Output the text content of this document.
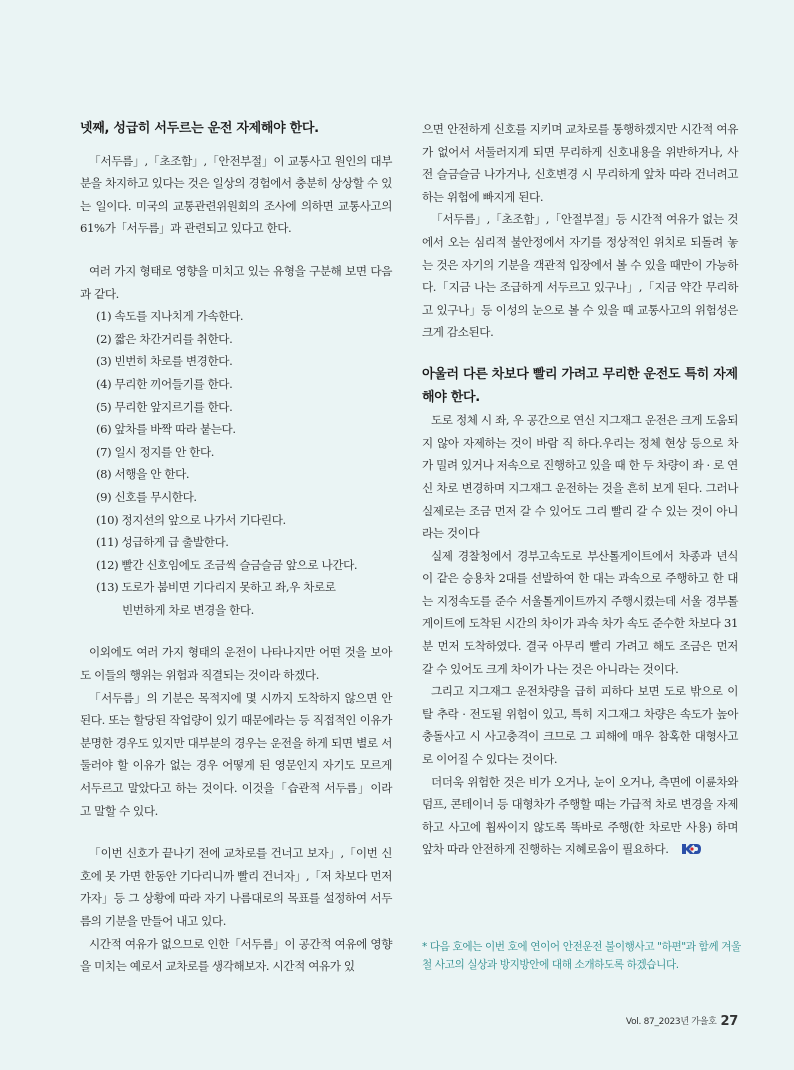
넷째, 성급히 서두르는 운전 자제해야 한다.

「서두름」,「초조함」,「안전부절」이 교통사고 원인의 대부분을 차지하고 있다는 것은 일상의 경험에서 충분히 상상할 수 있는 일이다. 미국의 교통관련위원회의 조사에 의하면 교통사고의 61%가「서두름」과 관련되고 있다고 한다.

여러 가지 형태로 영향을 미치고 있는 유형을 구분해 보면 다음과 같다.

(1) 속도를 지나치게 가속한다.
(2) 짧은 차간거리를 취한다.
(3) 빈번히 차로를 변경한다.
(4) 무리한 끼어들기를 한다.
(5) 무리한 앞지르기를 한다.
(6) 앞차를 바짝 따라 붙는다.
(7) 일시 정지를 안 한다.
(8) 서행을 안 한다.
(9) 신호를 무시한다.
(10) 정지선의 앞으로 나가서 기다린다.
(11) 성급하게 급 출발한다.
(12) 빨간 신호임에도 조금씩 슬금슬금 앞으로 나간다.
(13) 도로가 붐비면 기다리지 못하고 좌,우 차로로
빈번하게 차로 변경을 한다.

이외에도 여러 가지 형태의 운전이 나타나지만 어떤 것을 보아도 이들의 행위는 위험과 직결되는 것이라 하겠다.

「서두름」의 기분은 목적지에 몇 시까지 도착하지 않으면 안 된다. 또는 할당된 작업량이 있기 때문에라는 등 직접적인 이유가 분명한 경우도 있지만 대부분의 경우는 운전을 하게 되면 별로 서둘러야 할 이유가 없는 경우 어떻게 된 영문인지 자기도 모르게 서두르고 말았다고 하는 것이다. 이것을「습관적 서두름」이라고 말할 수 있다.

「이번 신호가 끝나기 전에 교차로를 건너고 보자」,「이번 신호에 못 가면 한동안 기다리니까 빨리 건너자」,「저 차보다 먼저 가자」등 그 상황에 따라 자기 나름대로의 목표를 설정하여 서두름의 기분을 만들어 내고 있다.

시간적 여유가 없으므로 인한「서두름」이 공간적 여유에 영향을 미치는 예로서 교차로를 생각해보자. 시간적 여유가 있

으면 안전하게 신호를 지키며 교차로를 통행하겠지만 시간적 여유가 없어서 서둘러지게 되면 무리하게 신호내용을 위반하거나, 사전 슬금슬금 나가거나, 신호변경 시 무리하게 앞차 따라 건너려고 하는 위험에 빠지게 된다.

「서두름」,「초조함」,「안절부절」등 시간적 여유가 없는 것에서 오는 심리적 불안정에서 자기를 정상적인 위치로 되돌려 놓는 것은 자기의 기분을 객관적 입장에서 볼 수 있을 때만이 가능하다.「지금 나는 조급하게 서두르고 있구나」,「지금 약간 무리하고 있구나」등 이성의 눈으로 볼 수 있을 때 교통사고의 위험성은 크게 감소된다.

아울러 다른 차보다 빨리 가려고 무리한 운전도 특히 자제 해야 한다.

도로 정체 시 좌, 우 공간으로 연신 지그재그 운전은 크게 도움되지 않아 자제하는 것이 바람 직 하다.우리는 정체 현상 등으로 차가 밀려 있거나 저속으로 진행하고 있을 때 한 두 차량이 좌 · 로 연신 차로 변경하며 지그재그 운전하는 것을 흔히 보게 된다. 그러나 실제로는 조금 먼저 갈 수 있어도 그리 빨리 갈 수 있는 것이 아니라는 것이다

실제 경찰청에서 경부고속도로 부산톨게이트에서 차종과 년식이 같은 승용차 2대를 선발하여 한 대는 과속으로 주행하고 한 대는 지정속도를 준수 서울톨게이트까지 주행시켰는데 서울 경부톨게이트에 도착된 시간의 차이가 과속 차가 속도 준수한 차보다 31분 먼저 도착하였다. 결국 아무리 빨리 가려고 해도 조금은 먼저 갈 수 있어도 크게 차이가 나는 것은 아니라는 것이다.

그리고 지그재그 운전차량을 급히 피하다 보면 도로 밖으로 이탈 추락 · 전도될 위험이 있고, 특히 지그재그 차량은 속도가 높아 충돌사고 시 사고충격이 크므로 그 피해에 매우 참혹한 대형사고로 이어질 수 있다는 것이다.

더더욱 위험한 것은 비가 오거나, 눈이 오거나, 측면에 이륜차와 덤프, 콘테이너 등 대형차가 주행할 때는 가급적 차로 변경을 자제하고 사고에 휩싸이지 않도록 똑바로 주행(한 차로만 사용) 하며 앞차 따라 안전하게 진행하는 지혜로움이 필요하다.

* 다음 호에는 이번 호에 연이어 안전운전 불이행사고 "하편"과 함께 겨울철 사고의 실상과 방지방안에 대해 소개하도록 하겠습니다.
Vol. 87_2023년 가을호 27
